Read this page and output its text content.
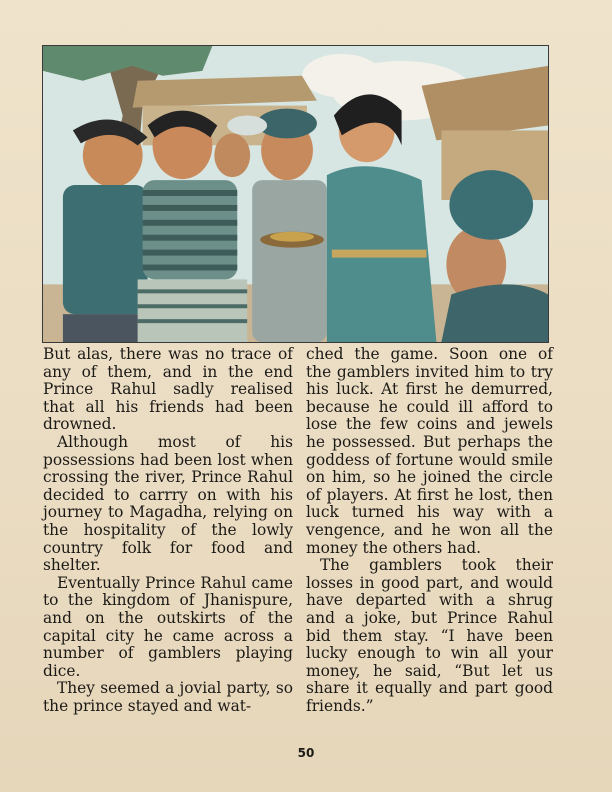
But alas, there was no trace of any of them, and in the end Prince Rahul sadly realised that all his friends had been drowned.

Although most of his possessions had been lost when crossing the river, Prince Rahul decided to carrry on with his journey to Magadha, relying on the hospitality of the lowly country folk for food and shelter.

Eventually Prince Rahul came to the kingdom of Jhanispure, and on the outskirts of the capital city he came across a number of gamblers playing dice.

They seemed a jovial party, so the prince stayed and wat-

ched the game. Soon one of the gamblers invited him to try his luck. At first he demurred, because he could ill afford to lose the few coins and jewels he possessed. But perhaps the goddess of fortune would smile on him, so he joined the circle of players. At first he lost, then luck turned his way with a vengence, and he won all the money the others had.

The gamblers took their losses in good part, and would have departed with a shrug and a joke, but Prince Rahul bid them stay. “I have been lucky enough to win all your money, he said, “But let us share it equally and part good friends.”

50
